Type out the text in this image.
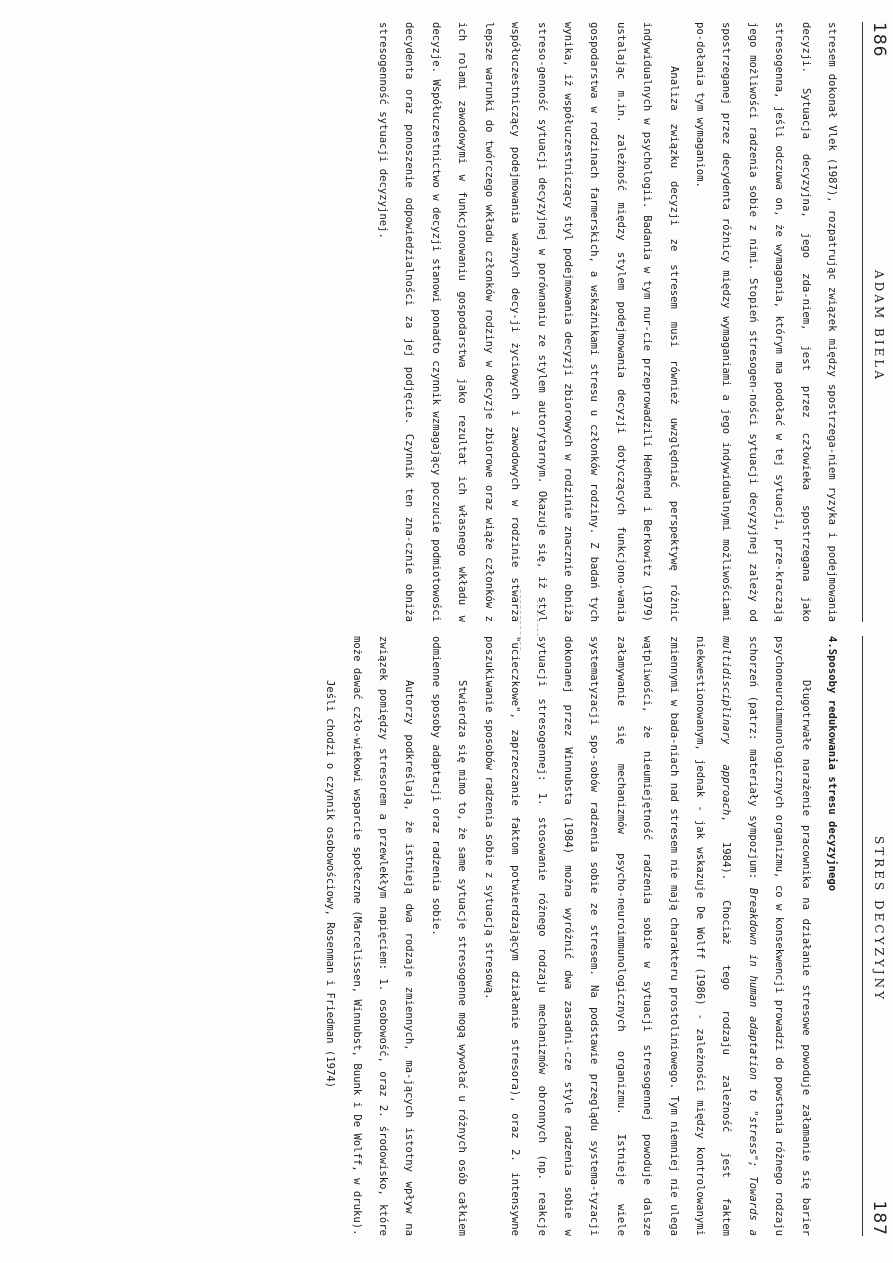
186
ADAM BIELA

stresem dokonał Vlek (1987), rozpatrując związek między spostrzega-niem ryzyka i podejmowania decyzji. Sytuacja decyzyjna, jego zda-niem, jest przez człowieka spostrzegana jako stresogenna, jeśli odczuwa on, że wymagania, którym ma podołać w tej sytuacji, prze-kraczają jego możliwości radzenia sobie z nimi. Stopień stresogen-ności sytuacji decyzyjnej zależy od spostrzeganej przez decydenta różnicy między wymaganiami a jego indywidualnymi możliwościami po-dołania tym wymaganiom.

Analiza związku decyzji ze stresem musi również uwzględniać perspektywę różnic indywidualnych w psychologii. Badania w tym nur-cie przeprowadzili Hedhend i Berkowitz (1979) ustalając m.in. zależność między stylem podejmowania decyzji dotyczących funkcjono-wania gospodarstwa w rodzinach farmerskich, a wskaźnikami stresu u członków rodziny. Z badań tych wynika, iż współuczestniczący styl podejmowania decyzji zbiorowych w rodzinie znacznie obniża streso-genność sytuacji decyzyjnej w porównaniu ze stylem autorytarnym. Okazuje się, iż styl współuczestniczący podejmowania ważnych decy-ji życiowych i zawodowych w rodzinie stwarza lepsze warunki do twórczego wkładu członków rodziny w decyzje zbiorowe oraz wiąże członków z ich rolami zawodowymi w funkcjonowaniu gospodarstwa jako rezultat ich własnego wkładu w decyzje. Współuczestnictwo w decyzji stanowi ponadto czynnik wzmagający poczucie podmiotowości decydenta oraz ponoszenie odpowiedzialności za jej podjęcie. Czynnik ten zna-cznie obniża stresogenność sytuacji decyzyjnej.

STRES DECYZYJNY
187

4.Sposoby redukowania stresu decyzyjnego

Długotrwałe narażenie pracownika na działanie stresowe powoduje załamanie się barier psychoneuroimmunologicznych organizmu, co w konsekwencji prowadzi do powstania różnego rodzaju schorzeń (patrz: materiały sympozjum: Breakdown in human adaptation to "stress"; Towards a multidisciplinary approach, 1984). Chociaż tego rodzaju zależność jest faktem niekwestionowanym, jednak - jak wskazuje De Wolff (1986) - zależności między kontrolowanymi zmiennymi w bada-niach nad stresem nie mają charakteru prostoliniowego. Tym niemniej nie ulega wątpliwości, że nieumiejętność radzenia sobie w sytuacji stresogennej powoduje dalsze załamywanie się mechanizmów psycho-neuroimmunologicznych organizmu. Istnieje wiele systematyzacji spo-sobów radzenia sobie ze stresem. Na podstawie przeglądu systema-tyzacji dokonanej przez Winnubsta (1984) można wyróżnić dwa zasadni-cze style radzenia sobie w sytuacji stresogennej: 1. stosowanie różnego rodzaju mechanizmów obronnych (np. reakcje "ucieczkowe", zaprzeczanie faktom potwierdzającym działanie stresora), oraz 2. intensywne poszukiwanie sposobów radzenia sobie z sytuacją stresową.

Stwierdza się mimo to, że same sytuacje stresogenne mogą wywołać u różnych osób całkiem odmienne sposoby adaptacji oraz radzenia sobie.

Autorzy podkreślają, że istnieją dwa rodzaje zmiennych, ma-jących istotny wpływ na związek pomiędzy stresorem a przewlekłym napięciem: 1. osobowość, oraz 2. środowisko, które może dawać czło-wiekowi wsparcie społeczne (Marcelissen, Winnubst, Buunk i De Wolff, w druku).

Jeśli chodzi o czynnik osobowościowy, Rosenman i Friedman (1974)
